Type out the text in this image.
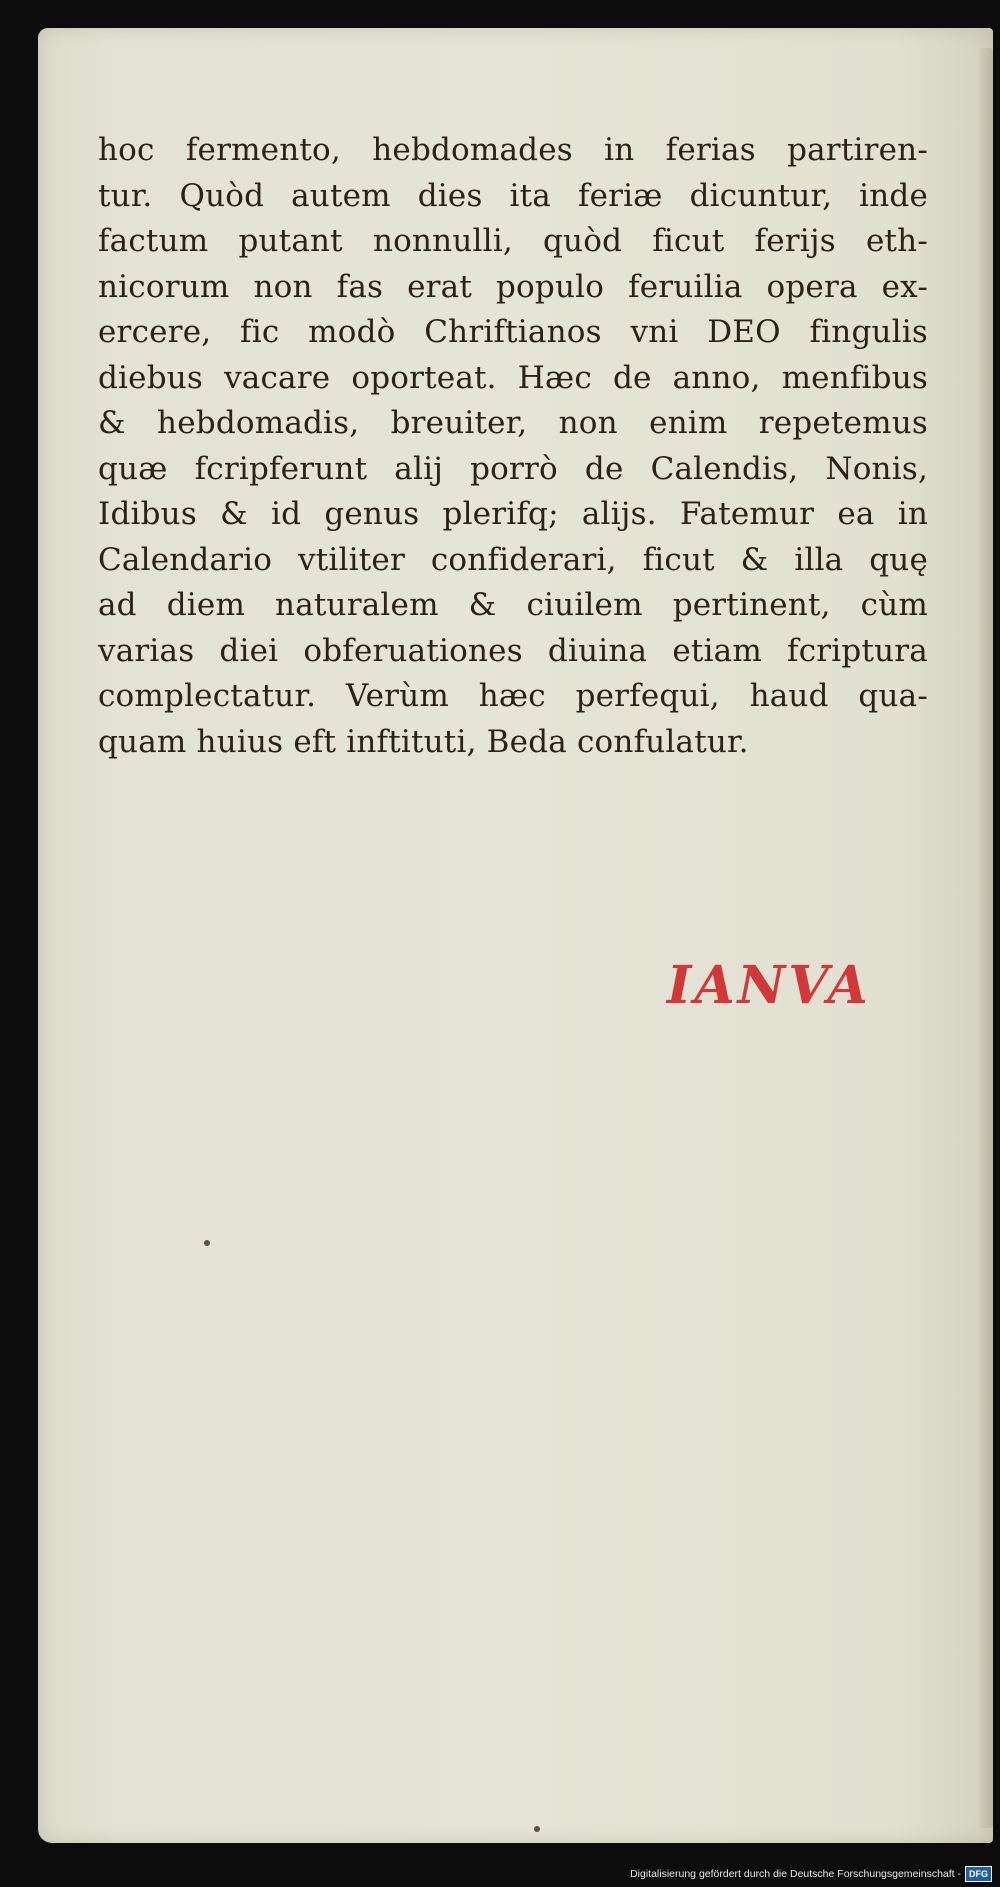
hoc fermento, hebdomades in ferias partiren-
tur. Quòd autem dies ita feriæ dicuntur, inde
factum putant nonnulli, quòd ficut ferijs eth-
nicorum non fas erat populo feruilia opera ex-
ercere, fic modò Chriftianos vni DEO fingulis
diebus vacare oporteat. Hæc de anno, menfibus
& hebdomadis, breuiter, non enim repetemus
quæ fcripferunt alij porrò de Calendis, Nonis,
Idibus & id genus plerifq; alijs. Fatemur ea in
Calendario vtiliter confiderari, ficut & illa quę
ad diem naturalem & ciuilem pertinent, cùm
varias diei obferuationes diuina etiam fcriptura
complectatur. Verùm hæc perfequi, haud qua-
quam huius eft inftituti, Beda confulatur.
IANVA
Digitalisierung gefördert durch die Deutsche Forschungsgemeinschaft - DFG
